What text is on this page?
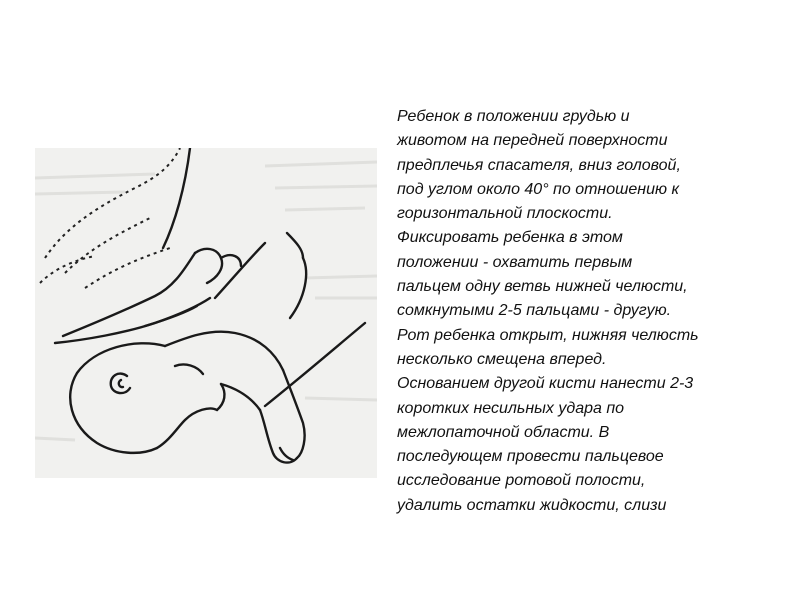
Ребенок в положении грудью и
животом на передней поверхности
предплечья спасателя, вниз головой,
под углом около 40° по отношению к
горизонтальной плоскости.
Фиксировать ребенка в этом
положении - охватить первым
пальцем одну ветвь нижней челюсти,
сомкнутыми 2-5 пальцами - другую.
Рот ребенка открыт, нижняя челюсть
несколько смещена вперед.
Основанием другой кисти нанести 2-3
коротких несильных удара по
межлопаточной области. В
последующем провести пальцевое
исследование ротовой полости,
удалить остатки жидкости, слизи
